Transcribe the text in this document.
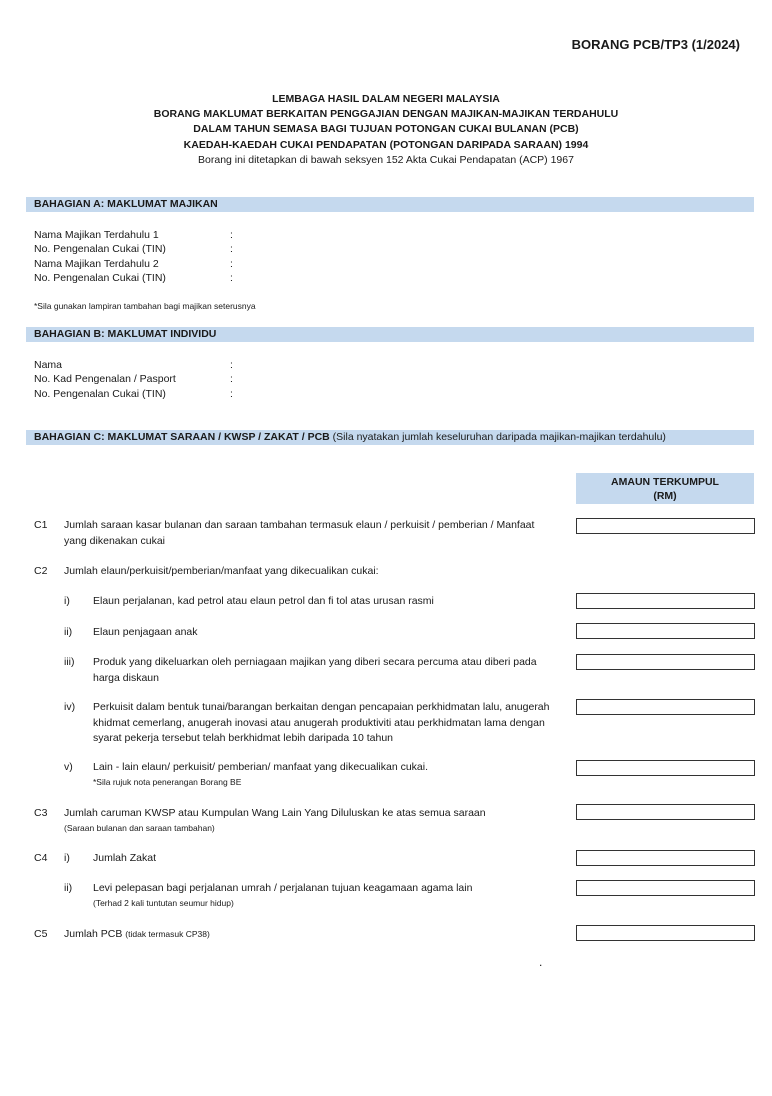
BORANG PCB/TP3 (1/2024)
LEMBAGA HASIL DALAM NEGERI MALAYSIA
BORANG MAKLUMAT BERKAITAN PENGGAJIAN DENGAN MAJIKAN-MAJIKAN TERDAHULU
DALAM TAHUN SEMASA BAGI TUJUAN POTONGAN CUKAI BULANAN (PCB)
KAEDAH-KAEDAH CUKAI PENDAPATAN (POTONGAN DARIPADA SARAAN) 1994
Borang ini ditetapkan di bawah seksyen 152 Akta Cukai Pendapatan (ACP) 1967
BAHAGIAN A: MAKLUMAT MAJIKAN
Nama Majikan Terdahulu 1	:
No. Pengenalan Cukai (TIN)	:
Nama Majikan Terdahulu 2	:
No. Pengenalan Cukai (TIN)	:
*Sila gunakan lampiran tambahan bagi majikan seterusnya
BAHAGIAN B: MAKLUMAT INDIVIDU
Nama	:
No. Kad Pengenalan / Pasport	:
No. Pengenalan Cukai (TIN)	:
BAHAGIAN C: MAKLUMAT SARAAN / KWSP / ZAKAT / PCB (Sila nyatakan jumlah keseluruhan daripada majikan-majikan terdahulu)
AMAUN TERKUMPUL
(RM)
C1 Jumlah saraan kasar bulanan dan saraan tambahan termasuk elaun / perkuisit / pemberian / Manfaat yang dikenakan cukai
C2 Jumlah elaun/perkuisit/pemberian/manfaat yang dikecualikan cukai:
i) Elaun perjalanan, kad petrol atau elaun petrol dan fi tol atas urusan rasmi
ii) Elaun penjagaan anak
iii) Produk yang dikeluarkan oleh perniagaan majikan yang diberi secara percuma atau diberi pada harga diskaun
iv) Perkuisit dalam bentuk tunai/barangan berkaitan dengan pencapaian perkhidmatan lalu, anugerah khidmat cemerlang, anugerah inovasi atau anugerah produktiviti atau perkhidmatan lama dengan syarat pekerja tersebut telah berkhidmat lebih daripada 10 tahun
v) Lain - lain elaun/ perkuisit/ pemberian/ manfaat yang dikecualikan cukai.
*Sila rujuk nota penerangan Borang BE
C3 Jumlah caruman KWSP atau Kumpulan Wang Lain Yang Diluluskan ke atas semua saraan
(Saraan bulanan dan saraan tambahan)
C4 i) Jumlah Zakat
ii) Levi pelepasan bagi perjalanan umrah / perjalanan tujuan keagamaan agama lain
(Terhad 2 kali tuntutan seumur hidup)
C5 Jumlah PCB (tidak termasuk CP38)
.
